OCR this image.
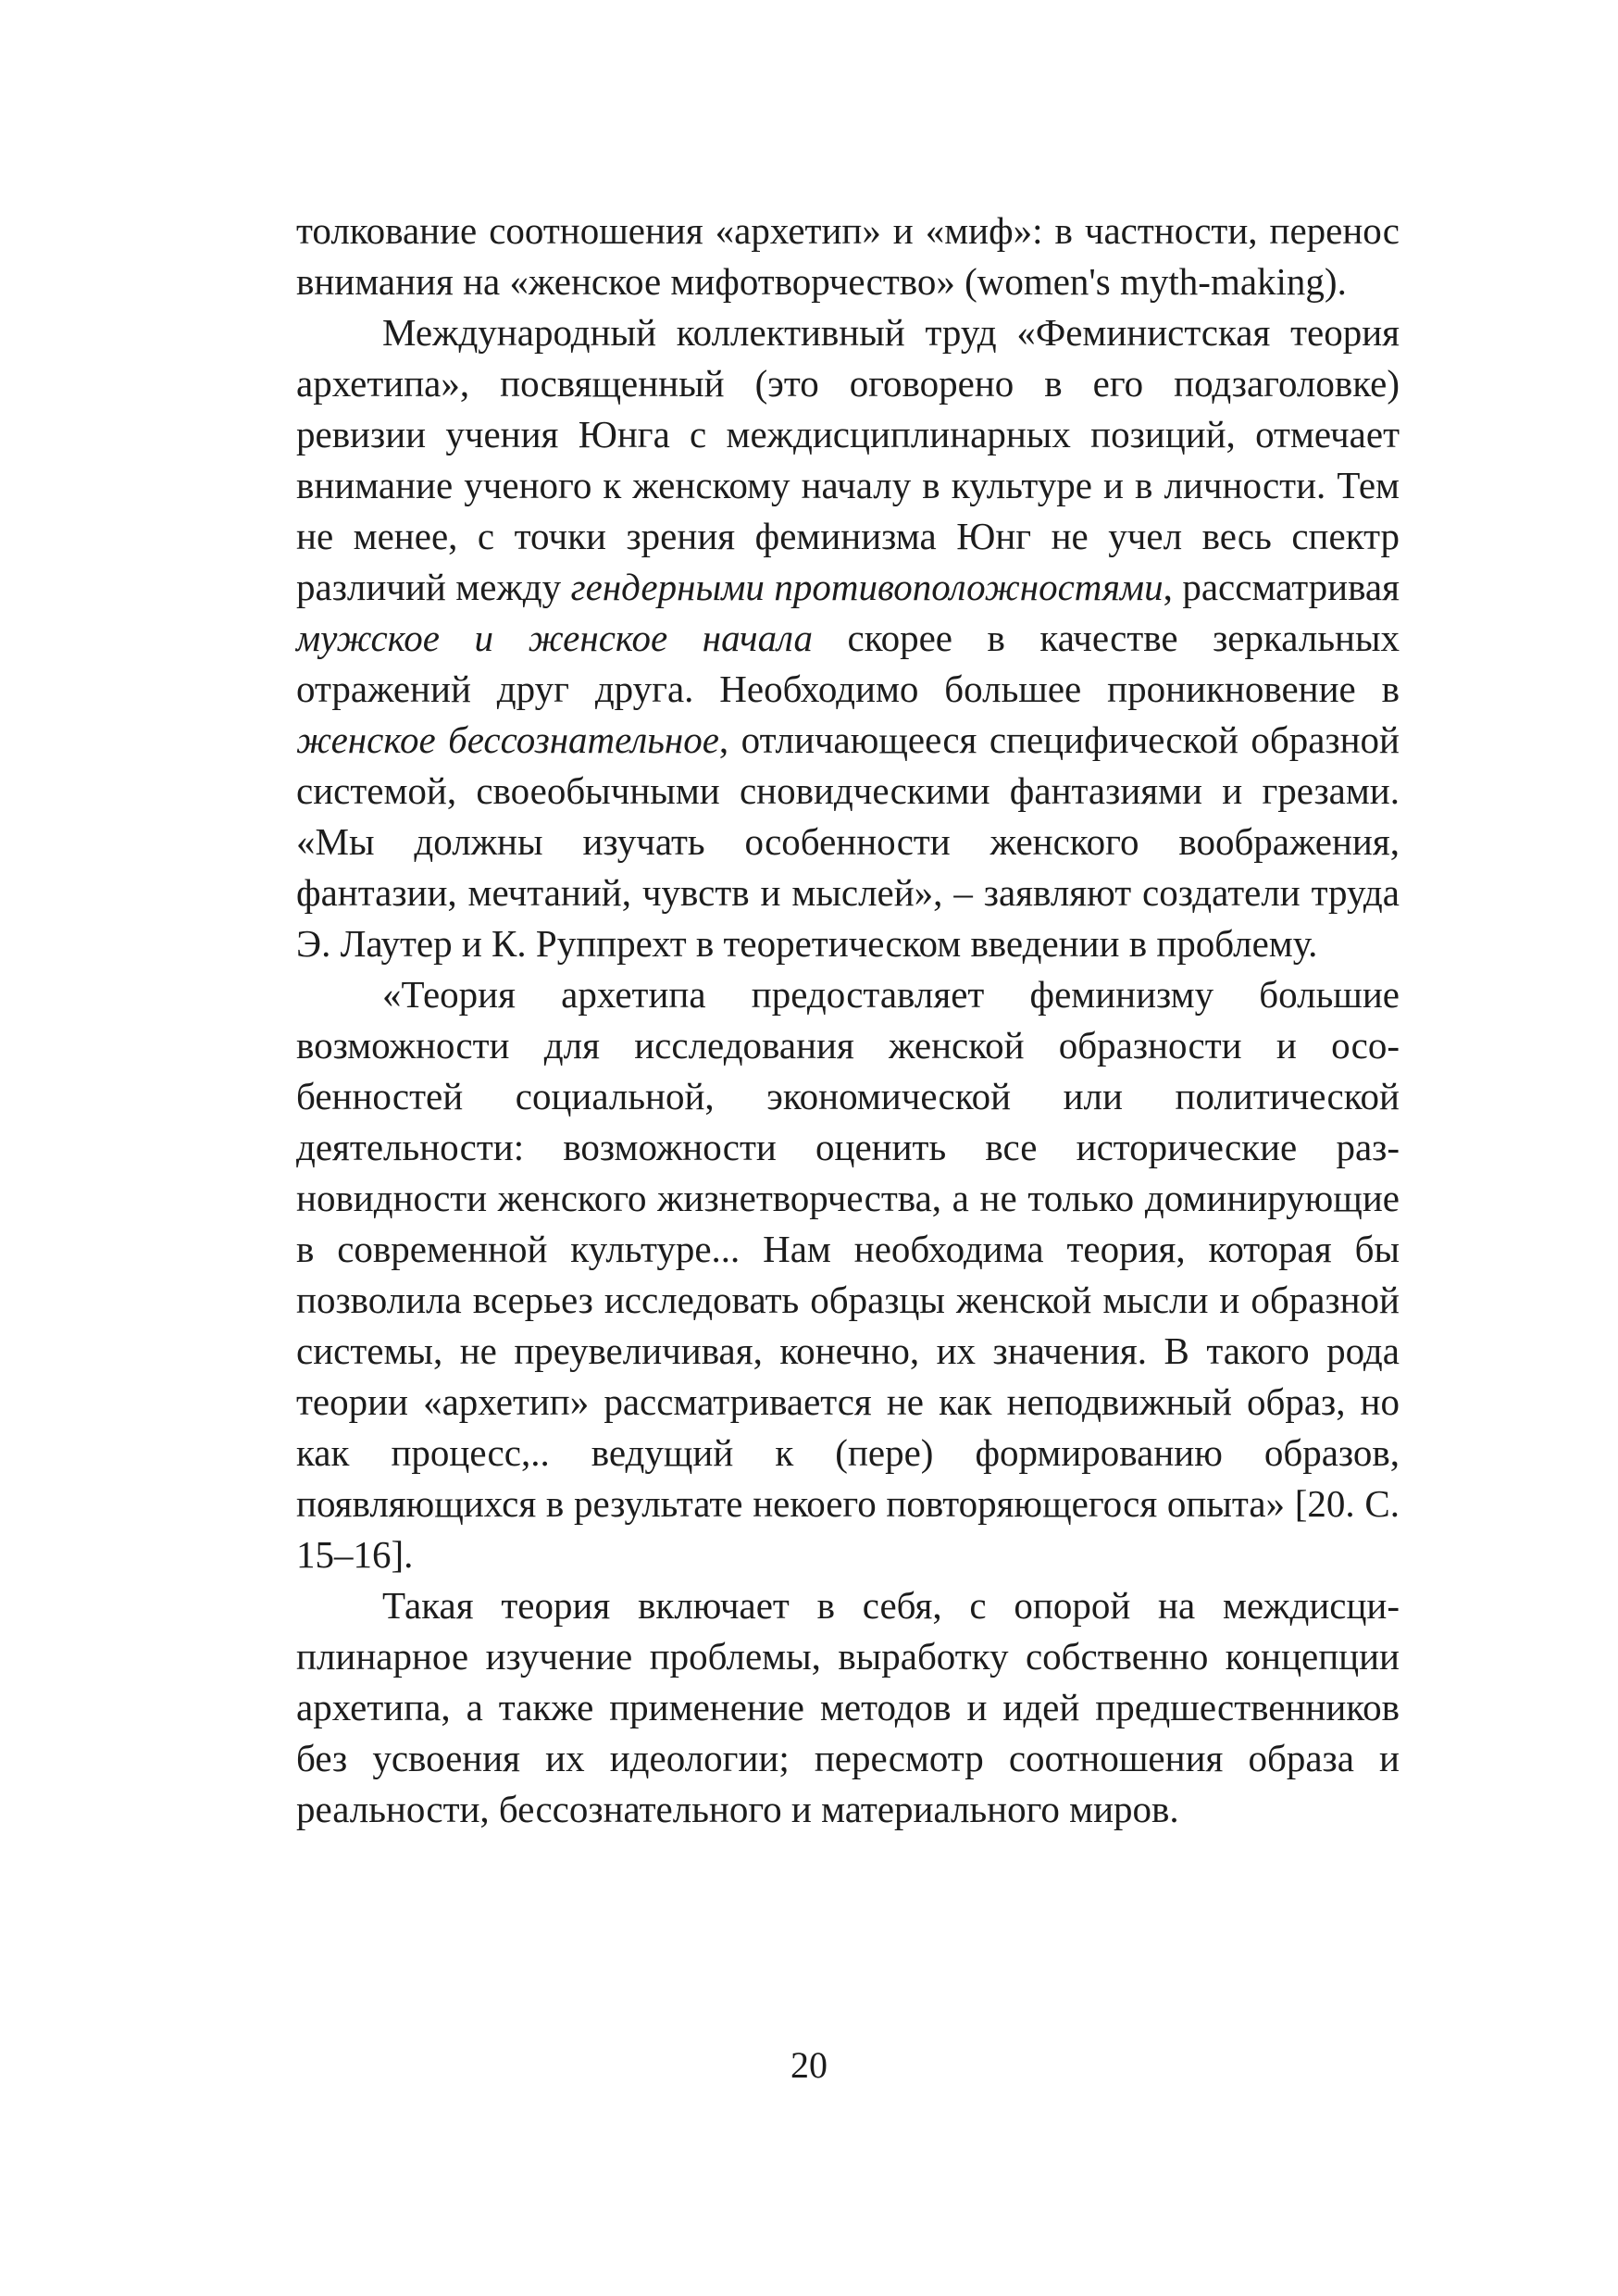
толкование соотношения «архетип» и «миф»: в частности, перенос внимания на «женское мифотворчество» (women's myth-making).

Международный коллективный труд «Феминистская теория архетипа», посвященный (это оговорено в его подзаголовке) ревизии учения Юнга с междисциплинарных позиций, отмечает внимание ученого к женскому началу в культуре и в личности. Тем не менее, с точки зрения феминизма Юнг не учел весь спектр различий между гендерными противоположностями, рассматривая мужское и женское начала скорее в качестве зеркальных отражений друг друга. Необходимо большее проникновение в женское бессознательное, отличающееся специфической образной системой, своеобычными сновидческими фантазиями и грезами. «Мы должны изучать особенности женского воображения, фантазии, мечтаний, чувств и мыслей», – заявляют создатели труда Э. Лаутер и К. Руппрехт в теоретическом введении в проблему.

«Теория архетипа предоставляет феминизму большие возможности для исследования женской образности и особенностей социальной, экономической или политической деятельности: возможности оценить все исторические разновидности женского жизнетворчества, а не только доминирующие в современной культуре... Нам необходима теория, которая бы позволила всерьез исследовать образцы женской мысли и образной системы, не преувеличивая, конечно, их значения. В такого рода теории «архетип» рассматривается не как неподвижный образ, но как процесс,.. ведущий к (пере) формированию образов, появляющихся в результате некоего повторяющегося опыта» [20. С. 15–16].

Такая теория включает в себя, с опорой на междисциплинарное изучение проблемы, выработку собственно концепции архетипа, а также применение методов и идей предшественников без усвоения их идеологии; пересмотр соотношения образа и реальности, бессознательного и материального миров.

20
